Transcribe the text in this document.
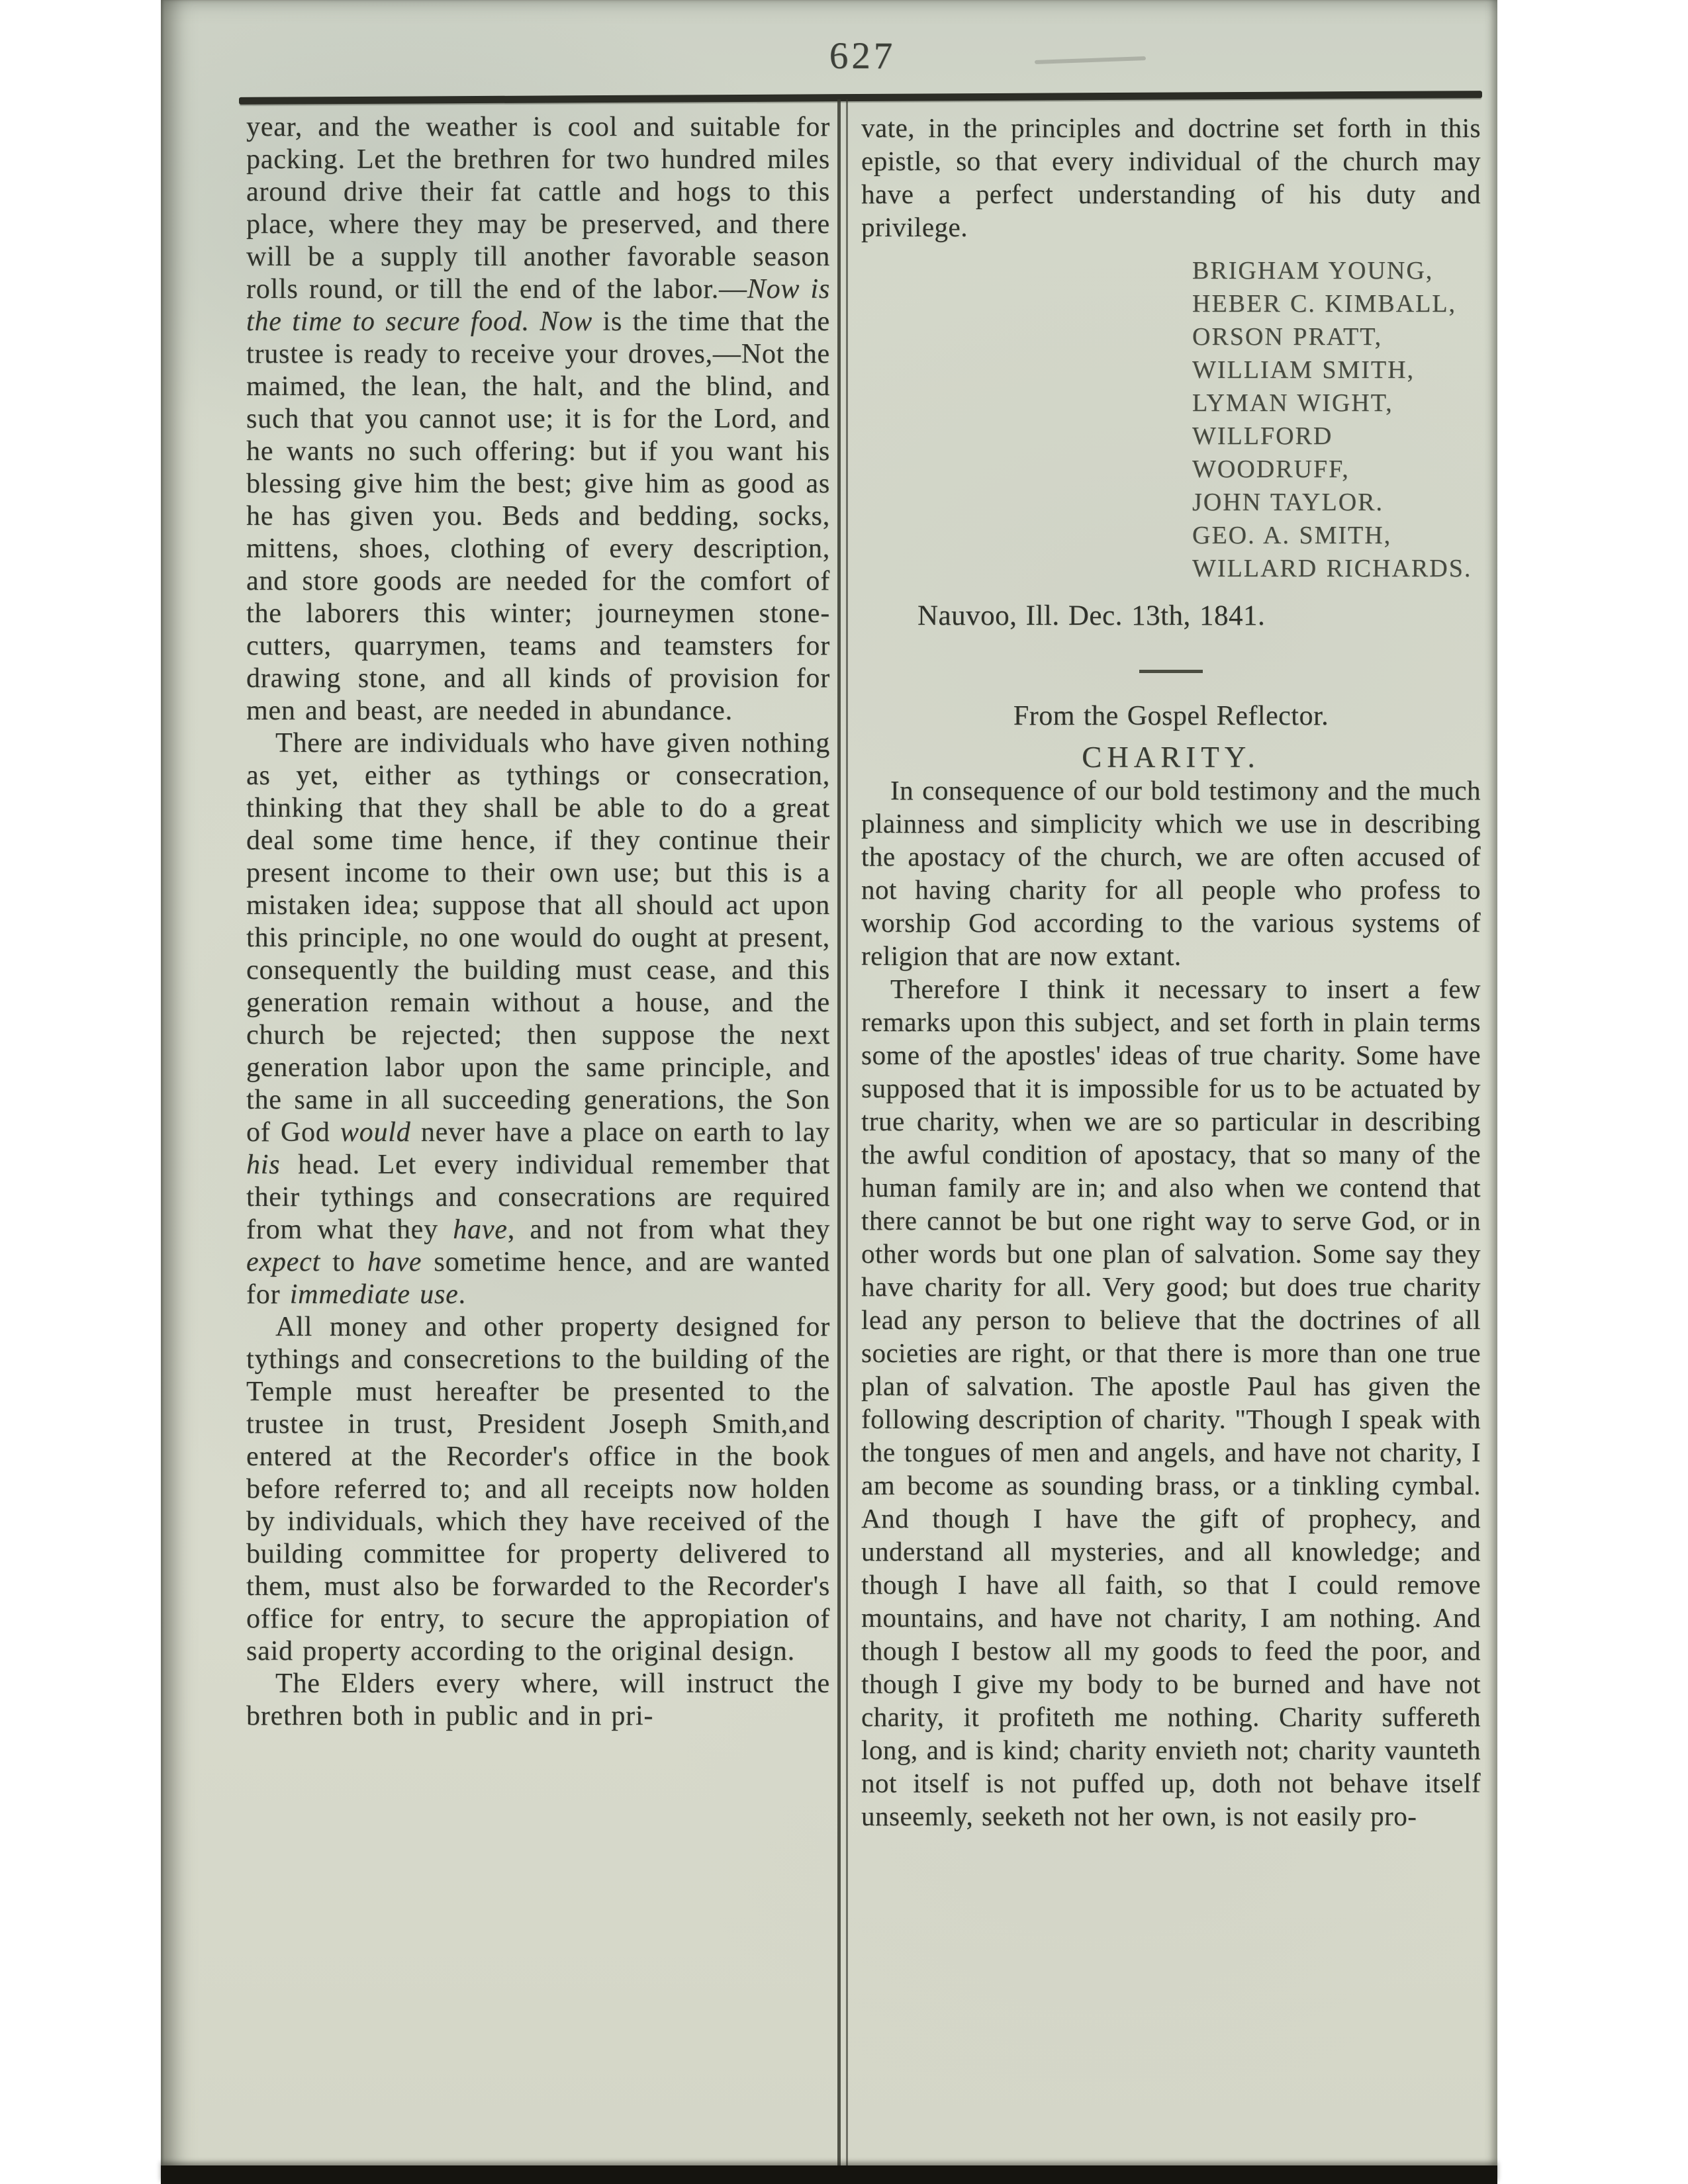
627

year, and the weather is cool and suitable for packing. Let the brethren for two hundred miles around drive their fat cattle and hogs to this place, where they may be preserved, and there will be a supply till another favorable season rolls round, or till the end of the labor.—Now is the time to secure food. Now is the time that the trustee is ready to receive your droves,—Not the maimed, the lean, the halt, and the blind, and such that you cannot use; it is for the Lord, and he wants no such offering: but if you want his blessing give him the best; give him as good as he has given you. Beds and bedding, socks, mittens, shoes, clothing of every description, and store goods are needed for the comfort of the laborers this winter; journeymen stone-cutters, quarrymen, teams and teamsters for drawing stone, and all kinds of provision for men and beast, are needed in abundance.

There are individuals who have given nothing as yet, either as tythings or consecration, thinking that they shall be able to do a great deal some time hence, if they continue their present income to their own use; but this is a mistaken idea; suppose that all should act upon this principle, no one would do ought at present, consequently the building must cease, and this generation remain without a house, and the church be rejected; then suppose the next generation labor upon the same principle, and the same in all succeeding generations, the Son of God would never have a place on earth to lay his head. Let every individual remember that their tythings and consecrations are required from what they have, and not from what they expect to have sometime hence, and are wanted for immediate use.

All money and other property designed for tythings and consecretions to the building of the Temple must hereafter be presented to the trustee in trust, President Joseph Smith,and entered at the Recorder's office in the book before referred to; and all receipts now holden by individuals, which they have received of the building committee for property delivered to them, must also be forwarded to the Recorder's office for entry, to secure the appropiation of said property according to the original design.

The Elders every where, will instruct the brethren both in public and in pri-

vate, in the principles and doctrine set forth in this epistle, so that every individual of the church may have a perfect understanding of his duty and privilege.

BRIGHAM YOUNG,
HEBER C. KIMBALL,
ORSON PRATT,
WILLIAM SMITH,
LYMAN WIGHT,
WILLFORD WOODRUFF,
JOHN TAYLOR.
GEO. A. SMITH,
WILLARD RICHARDS.
Nauvoo, Ill. Dec. 13th, 1841.
From the Gospel Reflector.
CHARITY.

In consequence of our bold testimony and the much plainness and simplicity which we use in describing the apostacy of the church, we are often accused of not having charity for all people who profess to worship God according to the various systems of religion that are now extant.

Therefore I think it necessary to insert a few remarks upon this subject, and set forth in plain terms some of the apostles' ideas of true charity. Some have supposed that it is impossible for us to be actuated by true charity, when we are so particular in describing the awful condition of apostacy, that so many of the human family are in; and also when we contend that there cannot be but one right way to serve God, or in other words but one plan of salvation. Some say they have charity for all. Very good; but does true charity lead any person to believe that the doctrines of all societies are right, or that there is more than one true plan of salvation. The apostle Paul has given the following description of charity. "Though I speak with the tongues of men and angels, and have not charity, I am become as sounding brass, or a tinkling cymbal. And though I have the gift of prophecy, and understand all mysteries, and all knowledge; and though I have all faith, so that I could remove mountains, and have not charity, I am nothing. And though I bestow all my goods to feed the poor, and though I give my body to be burned and have not charity, it profiteth me nothing. Charity suffereth long, and is kind; charity envieth not; charity vaunteth not itself is not puffed up, doth not behave itself unseemly, seeketh not her own, is not easily pro-
